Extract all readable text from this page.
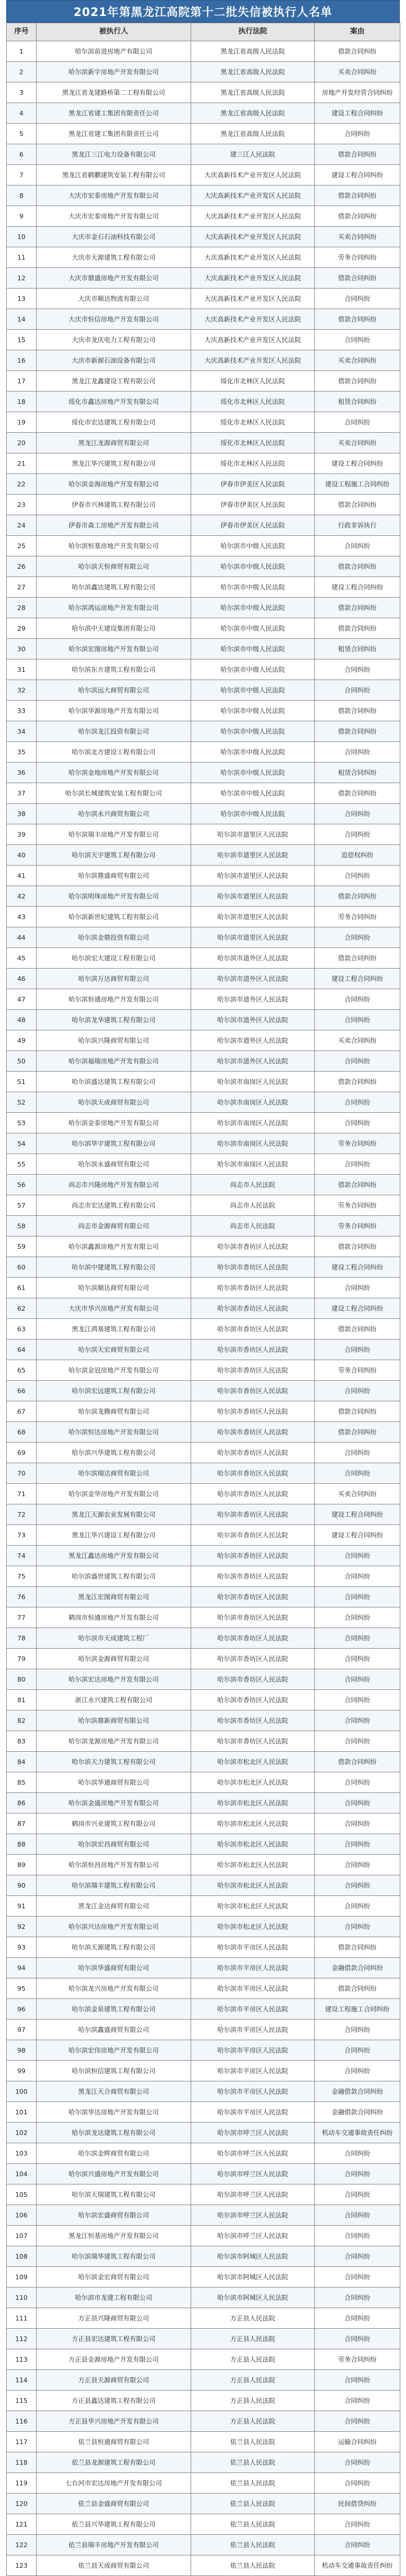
2021年第黑龙江高院第十二批失信被执行人名单
序号	被执行人	执行法院	案由
1	哈尔滨前进房地产有限公司	黑龙江省高级人民法院	借款合同纠纷
2	哈尔滨新宇房地产开发有限公司	黑龙江省高级人民法院	买卖合同纠纷
3	黑龙江省龙建路桥第二工程有限公司	黑龙江省高级人民法院	房地产开发经营合同纠纷
4	黑龙江省建工集团有限责任公司	黑龙江省高级人民法院	建设工程合同纠纷
5	黑龙江省建工集团有限责任公司	黑龙江省高级人民法院	合同纠纷
6	黑龙江三江电力设备有限公司	建三江人民法院	借款合同纠纷
7	黑龙江省鹤鹏建筑安装工程有限公司	大庆高新技术产业开发区人民法院	建设工程合同纠纷
8	大庆市宏泰房地产开发有限公司	大庆高新技术产业开发区人民法院	借款合同纠纷
9	大庆市宏泰房地产开发有限公司	大庆高新技术产业开发区人民法院	借款合同纠纷
10	大庆市金石石油科技有限公司	大庆高新技术产业开发区人民法院	买卖合同纠纷
11	大庆市天源建筑工程有限公司	大庆高新技术产业开发区人民法院	劳务合同纠纷
12	大庆市鼎盛房地产开发有限公司	大庆高新技术产业开发区人民法院	借款合同纠纷
13	大庆市顺达物流有限公司	大庆高新技术产业开发区人民法院	合同纠纷
14	大庆市恒信房地产开发有限公司	大庆高新技术产业开发区人民法院	借款合同纠纷
15	大庆市龙庆电力工程有限公司	大庆高新技术产业开发区人民法院	合同纠纷
16	大庆市新源石油设备有限公司	大庆高新技术产业开发区人民法院	买卖合同纠纷
17	黑龙江龙鑫建设工程有限公司	绥化市北林区人民法院	借款合同纠纷
18	绥化市鑫达房地产开发有限公司	绥化市北林区人民法院	租赁合同纠纷
19	绥化市宏达建筑工程有限公司	绥化市北林区人民法院	合同纠纷
20	黑龙江龙源商贸有限公司	绥化市北林区人民法院	买卖合同纠纷
21	黑龙江华兴建筑工程有限公司	绥化市北林区人民法院	建设工程合同纠纷
22	哈尔滨金海房地产开发有限公司	伊春市伊美区人民法院	建设工程施工合同纠纷
23	伊春市兴林建筑工程有限公司	伊春市伊美区人民法院	借款合同纠纷
24	伊春市森工房地产开发有限公司	伊春市伊美区人民法院	行政非诉执行
25	哈尔滨恒基房地产开发有限公司	哈尔滨市中级人民法院	合同纠纷
26	哈尔滨天恒商贸有限公司	哈尔滨市中级人民法院	借款合同纠纷
27	哈尔滨鑫达建筑工程有限公司	哈尔滨市中级人民法院	建设工程合同纠纷
28	哈尔滨鸿运房地产开发有限公司	哈尔滨市中级人民法院	借款合同纠纷
29	哈尔滨中天建设集团有限公司	哈尔滨市中级人民法院	借款合同纠纷
30	哈尔滨宏图房地产开发有限公司	哈尔滨市中级人民法院	租赁合同纠纷
31	哈尔滨东方建筑工程有限公司	哈尔滨市中级人民法院	合同纠纷
32	哈尔滨远大商贸有限公司	哈尔滨市中级人民法院	合同纠纷
33	哈尔滨华源房地产开发有限公司	哈尔滨市中级人民法院	借款合同纠纷
34	哈尔滨龙江投资有限公司	哈尔滨市中级人民法院	借款合同纠纷
35	哈尔滨北方建设工程有限公司	哈尔滨市中级人民法院	合同纠纷
36	哈尔滨金地房地产开发有限公司	哈尔滨市中级人民法院	租赁合同纠纷
37	哈尔滨长城建筑安装工程有限公司	哈尔滨市中级人民法院	借款合同纠纷
38	哈尔滨永兴商贸有限公司	哈尔滨市中级人民法院	合同纠纷
39	哈尔滨瑞丰房地产开发有限公司	哈尔滨市道里区人民法院	合同纠纷
40	哈尔滨天宇建筑工程有限公司	哈尔滨市道里区人民法院	追偿权纠纷
41	哈尔滨鼎盛商贸有限公司	哈尔滨市道里区人民法院	合同纠纷
42	哈尔滨明珠房地产开发有限公司	哈尔滨市道里区人民法院	借款合同纠纷
43	哈尔滨新世纪建筑工程有限公司	哈尔滨市道里区人民法院	劳务合同纠纷
44	哈尔滨金鼎投资有限公司	哈尔滨市道里区人民法院	合同纠纷
45	哈尔滨宏大建设工程有限公司	哈尔滨市道外区人民法院	借款合同纠纷
46	哈尔滨万达商贸有限公司	哈尔滨市道外区人民法院	建设工程合同纠纷
47	哈尔滨恒通房地产开发有限公司	哈尔滨市道外区人民法院	合同纠纷
48	哈尔滨龙华建筑工程有限公司	哈尔滨市道外区人民法院	合同纠纷
49	哈尔滨兴隆商贸有限公司	哈尔滨市道外区人民法院	买卖合同纠纷
50	哈尔滨福瑞房地产开发有限公司	哈尔滨市道外区人民法院	合同纠纷
51	哈尔滨盛达建筑工程有限公司	哈尔滨市南岗区人民法院	借款合同纠纷
52	哈尔滨天成商贸有限公司	哈尔滨市南岗区人民法院	合同纠纷
53	哈尔滨金泰房地产开发有限公司	哈尔滨市南岗区人民法院	合同纠纷
54	哈尔滨华宇建筑工程有限公司	哈尔滨市南岗区人民法院	劳务合同纠纷
55	哈尔滨永盛商贸有限公司	哈尔滨市南岗区人民法院	合同纠纷
56	尚志市兴隆房地产开发有限公司	尚志市人民法院	借款合同纠纷
57	尚志市宏达建筑工程有限公司	尚志市人民法院	劳务合同纠纷
58	尚志市金源商贸有限公司	尚志市人民法院	劳务合同纠纷
59	哈尔滨鑫源房地产开发有限公司	哈尔滨市香坊区人民法院	借款合同纠纷
60	哈尔滨中建建筑工程有限公司	哈尔滨市香坊区人民法院	建设工程合同纠纷
61	哈尔滨顺达商贸有限公司	哈尔滨市香坊区人民法院	合同纠纷
62	大庆市华兴房地产开发有限公司	哈尔滨市香坊区人民法院	建设工程合同纠纷
63	黑龙江鸿基建筑工程有限公司	哈尔滨市香坊区人民法院	借款合同纠纷
64	哈尔滨天宏商贸有限公司	哈尔滨市香坊区人民法院	合同纠纷
65	哈尔滨金冠房地产开发有限公司	哈尔滨市香坊区人民法院	劳务合同纠纷
66	哈尔滨宏远建筑工程有限公司	哈尔滨市香坊区人民法院	合同纠纷
67	哈尔滨龙腾商贸有限公司	哈尔滨市香坊区人民法院	借款合同纠纷
68	哈尔滨恒达房地产开发有限公司	哈尔滨市香坊区人民法院	借款合同纠纷
69	哈尔滨兴华建筑工程有限公司	哈尔滨市香坊区人民法院	合同纠纷
70	哈尔滨瑞达商贸有限公司	哈尔滨市香坊区人民法院	合同纠纷
71	哈尔滨金华房地产开发有限公司	哈尔滨市香坊区人民法院	买卖合同纠纷
72	黑龙江天源农业发展有限公司	哈尔滨市香坊区人民法院	建设工程合同纠纷
73	黑龙江华兴建设工程有限公司	哈尔滨市香坊区人民法院	建设工程合同纠纷
74	黑龙江鑫达房地产开发有限公司	哈尔滨市香坊区人民法院	合同纠纷
75	哈尔滨盛世建筑工程有限公司	哈尔滨市香坊区人民法院	合同纠纷
76	黑龙江宏图商贸有限公司	哈尔滨市香坊区人民法院	合同纠纷
77	鹤岗市恒通房地产开发有限公司	哈尔滨市香坊区人民法院	合同纠纷
78	哈尔滨市天成建筑工程厂	哈尔滨市香坊区人民法院	合同纠纷
79	哈尔滨金源商贸有限公司	哈尔滨市香坊区人民法院	合同纠纷
80	哈尔滨宏达房地产开发有限公司	哈尔滨市香坊区人民法院	合同纠纷
81	浙江永兴建筑工程有限公司	哈尔滨市香坊区人民法院	合同纠纷
82	哈尔滨鼎新商贸有限公司	哈尔滨市香坊区人民法院	合同纠纷
83	哈尔滨龙源房地产开发有限公司	哈尔滨市香坊区人民法院	合同纠纷
84	哈尔滨天力建筑工程有限公司	哈尔滨市松北区人民法院	借款合同纠纷
85	哈尔滨华通商贸有限公司	哈尔滨市松北区人民法院	合同纠纷
86	哈尔滨金盛房地产开发有限公司	哈尔滨市松北区人民法院	合同纠纷
87	鹤岗市兴业建筑工程有限公司	哈尔滨市松北区人民法院	合同纠纷
88	哈尔滨宏昌商贸有限公司	哈尔滨市松北区人民法院	合同纠纷
89	哈尔滨恒昌房地产开发有限公司	哈尔滨市松北区人民法院	合同纠纷
90	哈尔滨瑞丰建筑工程有限公司	哈尔滨市松北区人民法院	合同纠纷
91	黑龙江金达商贸有限公司	哈尔滨市松北区人民法院	合同纠纷
92	哈尔滨兴达房地产开发有限公司	哈尔滨市松北区人民法院	合同纠纷
93	哈尔滨天源建筑工程有限公司	哈尔滨市平房区人民法院	借款合同纠纷
94	哈尔滨华盛商贸有限公司	哈尔滨市平房区人民法院	金融借款合同纠纷
95	哈尔滨龙兴房地产开发有限公司	哈尔滨市平房区人民法院	借款合同纠纷
96	哈尔滨金泉建筑工程有限公司	哈尔滨市平房区人民法院	建设工程施工合同纠纷
97	哈尔滨鑫盛商贸有限公司	哈尔滨市平房区人民法院	合同纠纷
98	哈尔滨宏伟房地产开发有限公司	哈尔滨市平房区人民法院	合同纠纷
99	哈尔滨恒信建筑工程有限公司	哈尔滨市平房区人民法院	合同纠纷
100	黑龙江天合商贸有限公司	哈尔滨市平房区人民法院	金融借款合同纠纷
101	哈尔滨华达房地产开发有限公司	哈尔滨市平房区人民法院	金融借款合同纠纷
102	哈尔滨龙达建筑工程有限公司	哈尔滨市呼兰区人民法院	机动车交通事故责任纠纷
103	哈尔滨金辉商贸有限公司	哈尔滨市呼兰区人民法院	合同纠纷
104	哈尔滨兴盛房地产开发有限公司	哈尔滨市呼兰区人民法院	合同纠纷
105	哈尔滨天瑞建筑工程有限公司	哈尔滨市呼兰区人民法院	合同纠纷
106	哈尔滨宏盛商贸有限公司	哈尔滨市呼兰区人民法院	合同纠纷
107	黑龙江恒基房地产开发有限公司	哈尔滨市呼兰区人民法院	合同纠纷
108	哈尔滨瑞华建筑工程有限公司	哈尔滨市阿城区人民法院	合同纠纷
109	哈尔滨金宏商贸有限公司	哈尔滨市阿城区人民法院	合同纠纷
110	哈尔滨市龙建工程有限公司	哈尔滨市阿城区人民法院	合同纠纷
111	方正县兴隆商贸有限公司	方正县人民法院	合同纠纷
112	方正县宏达建筑工程有限公司	方正县人民法院	合同纠纷
113	方正县金源房地产开发有限公司	方正县人民法院	劳务合同纠纷
114	方正县天源商贸有限公司	方正县人民法院	合同纠纷
115	方正县鑫达建筑工程有限公司	方正县人民法院	合同纠纷
116	方正县华兴房地产开发有限公司	方正县人民法院	合同纠纷
117	依兰县恒通商贸有限公司	依兰县人民法院	运输合同纠纷
118	依兰县龙源建筑工程有限公司	依兰县人民法院	合同纠纷
119	七台河市宏达房地产开发有限公司	依兰县人民法院	合同纠纷
120	依兰县金盛商贸有限公司	依兰县人民法院	民间借贷纠纷
121	依兰县兴华建筑工程有限公司	依兰县人民法院	合同纠纷
122	依兰县瑞丰房地产开发有限公司	依兰县人民法院	合同纠纷
123	依兰县天成商贸有限公司	依兰县人民法院	机动车交通事故责任纠纷
